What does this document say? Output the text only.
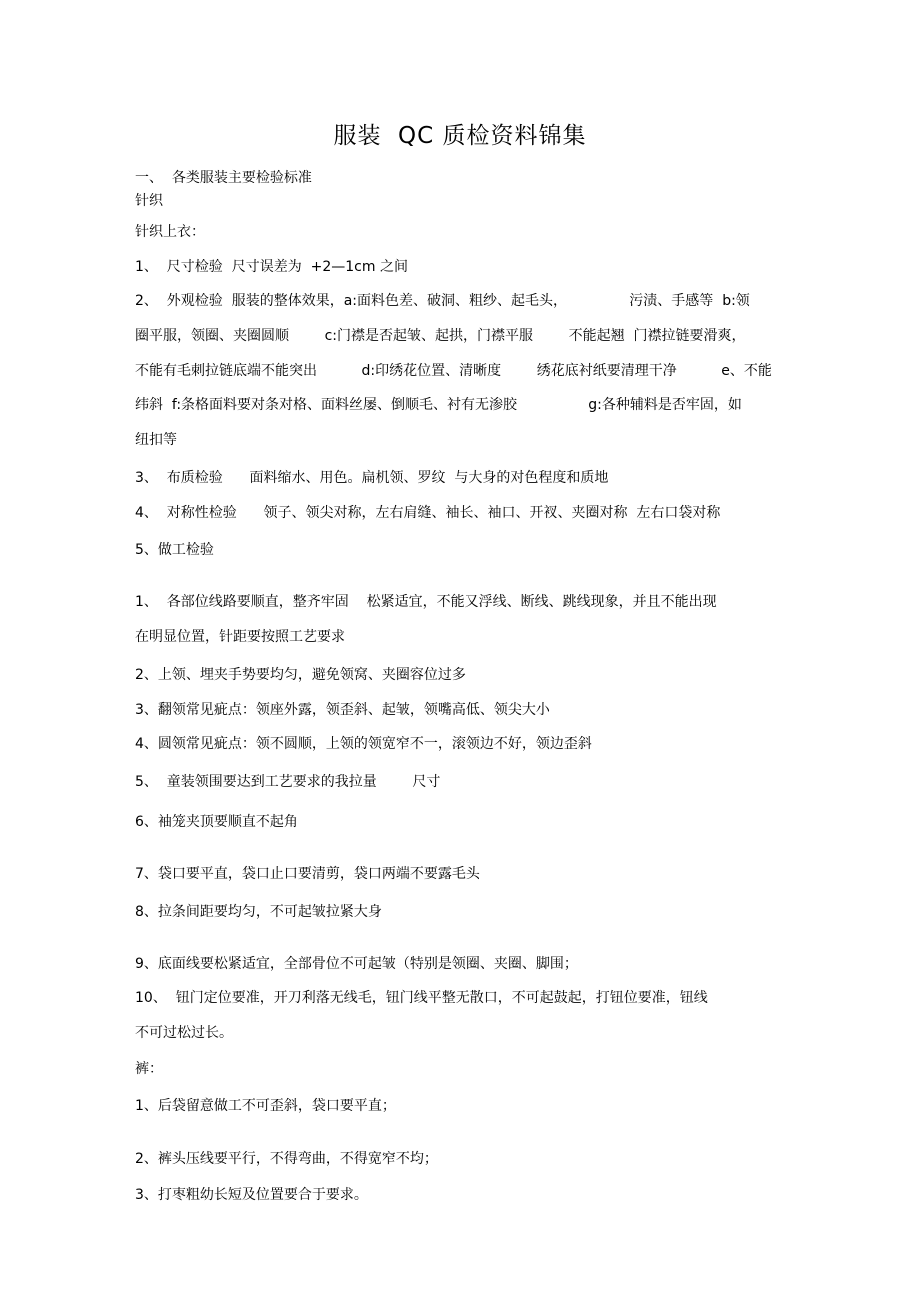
服装  QC 质检资料锦集
一、  各类服装主要检验标准
针织
针织上衣：
1、  尺寸检验  尺寸误差为  +2—1cm 之间
2、  外观检验  服装的整体效果，a:面料色差、破洞、粗纱、起毛头，              污渍、手感等  b:领
圈平服，领圈、夹圈圆顺        c:门襟是否起皱、起拱，门襟平服        不能起翘  门襟拉链要滑爽，
不能有毛刺拉链底端不能突出          d:印绣花位置、清晰度        绣花底衬纸要清理干净          e、不能
纬斜  f:条格面料要对条对格、面料丝屡、倒顺毛、衬有无渗胶                g:各种辅料是否牢固，如
纽扣等
3、  布质检验      面料缩水、用色。扁机领、罗纹  与大身的对色程度和质地
4、  对称性检验      领子、领尖对称，左右肩缝、袖长、袖口、开衩、夹圈对称  左右口袋对称
5、做工检验
1、  各部位线路要顺直，整齐牢固    松紧适宜，不能又浮线、断线、跳线现象，并且不能出现
在明显位置，针距要按照工艺要求
2、上领、埋夹手势要均匀，避免领窝、夹圈容位过多
3、翻领常见疵点：领座外露，领歪斜、起皱，领嘴高低、领尖大小
4、圆领常见疵点：领不圆顺，上领的领宽窄不一，滚领边不好，领边歪斜
5、  童装领围要达到工艺要求的我拉量        尺寸
6、袖笼夹顶要顺直不起角
7、袋口要平直，袋口止口要清剪，袋口两端不要露毛头
8、拉条间距要均匀，不可起皱拉紧大身
9、底面线要松紧适宜，全部骨位不可起皱（特别是领圈、夹圈、脚围；
10、  钮门定位要准，开刀利落无线毛，钮门线平整无散口，不可起鼓起，打钮位要准，钮线
不可过松过长。
裤：
1、后袋留意做工不可歪斜，袋口要平直；
2、裤头压线要平行，不得弯曲，不得宽窄不均；
3、打枣粗幼长短及位置要合于要求。
